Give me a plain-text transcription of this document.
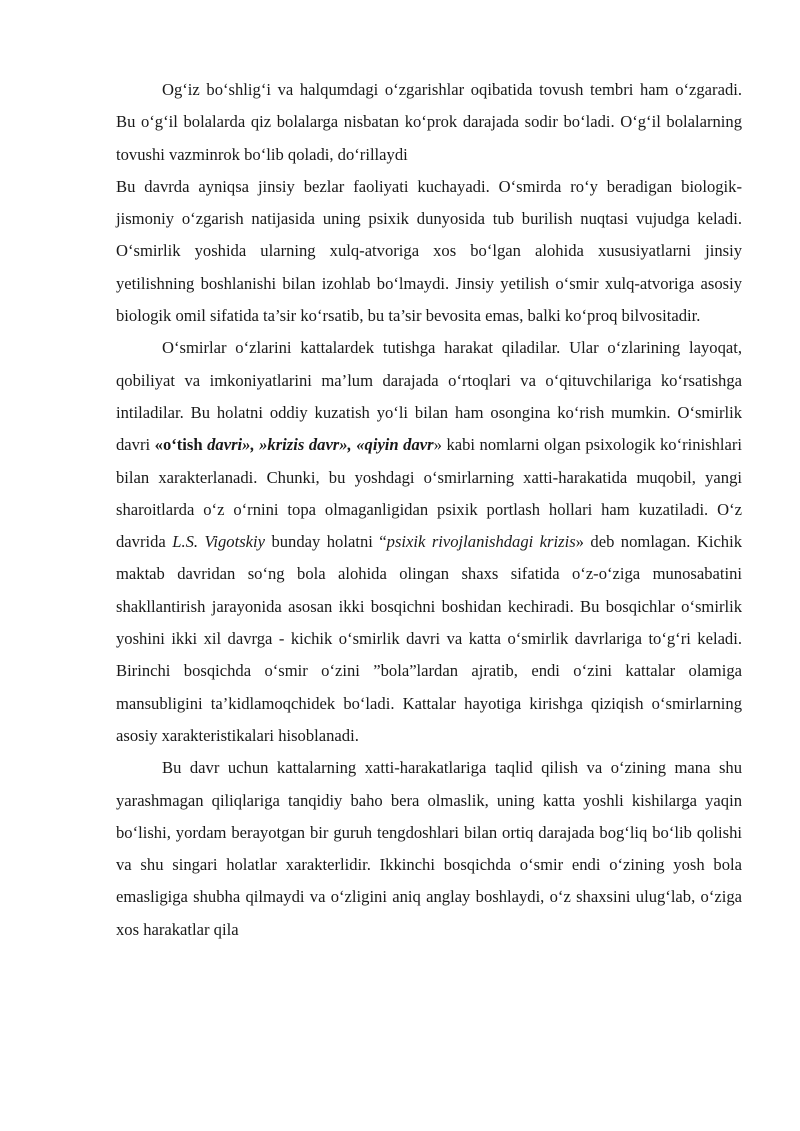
Og‘iz bo‘shlig‘i va halqumdagi o‘zgarishlar oqibatida tovush tembri ham o‘zgaradi. Bu o‘g‘il bolalarda qiz bolalarga nisbatan ko‘prok darajada sodir bo‘ladi. O‘g‘il bolalarning tovushi vazminrok bo‘lib qoladi, do‘rillaydi

Bu davrda ayniqsa jinsiy bezlar faoliyati kuchayadi. O‘smirda ro‘y beradigan biologik-jismoniy o‘zgarish natijasida uning psixik dunyosida tub burilish nuqtasi vujudga keladi. O‘smirlik yoshida ularning xulq-atvoriga xos bo‘lgan alohida xususiyatlarni jinsiy yetilishning boshlanishi bilan izohlab bo‘lmaydi. Jinsiy yetilish o‘smir xulq-atvoriga asosiy biologik omil sifatida ta’sir ko‘rsatib, bu ta’sir bevosita emas, balki ko‘proq bilvositadir.

O‘smirlar o‘zlarini kattalardek tutishga harakat qiladilar. Ular o‘zlarining layoqat, qobiliyat va imkoniyatlarini ma’lum darajada o‘rtoqlari va o‘qituvchilariga ko‘rsatishga intiladilar. Bu holatni oddiy kuzatish yo‘li bilan ham osongina ko‘rish mumkin. O‘smirlik davri «o‘tish davri», »krizis davr», «qiyin davr» kabi nomlarni olgan psixologik ko‘rinishlari bilan xarakterlanadi. Chunki, bu yoshdagi o‘smirlarning xatti-harakatida muqobil, yangi sharoitlarda o‘z o‘rnini topa olmaganligidan psixik portlash hollari ham kuzatiladi. O‘z davrida L.S. Vigotskiy bunday holatni “psixik rivojlanishdagi krizis» deb nomlagan. Kichik maktab davridan so‘ng bola alohida olingan shaxs sifatida o‘z-o‘ziga munosabatini shakllantirish jarayonida asosan ikki bosqichni boshidan kechiradi. Bu bosqichlar o‘smirlik yoshini ikki xil davrga - kichik o‘smirlik davri va katta o‘smirlik davrlariga to‘g‘ri keladi. Birinchi bosqichda o‘smir o‘zini ”bola”lardan ajratib, endi o‘zini kattalar olamiga mansubligini ta’kidlamoqchidek bo‘ladi. Kattalar hayotiga kirishga qiziqish o‘smirlarning asosiy xarakteristikalari hisoblanadi.

Bu davr uchun kattalarning xatti-harakatlariga taqlid qilish va o‘zining mana shu yarashmagan qiliqlariga tanqidiy baho bera olmaslik, uning katta yoshli kishilarga yaqin bo‘lishi, yordam berayotgan bir guruh tengdoshlari bilan ortiq darajada bog‘liq bo‘lib qolishi va shu singari holatlar xarakterlidir. Ikkinchi bosqichda o‘smir endi o‘zining yosh bola emasligiga shubha qilmaydi va o‘zligini aniq anglay boshlaydi, o‘z shaxsini ulug‘lab, o‘ziga xos harakatlar qila
